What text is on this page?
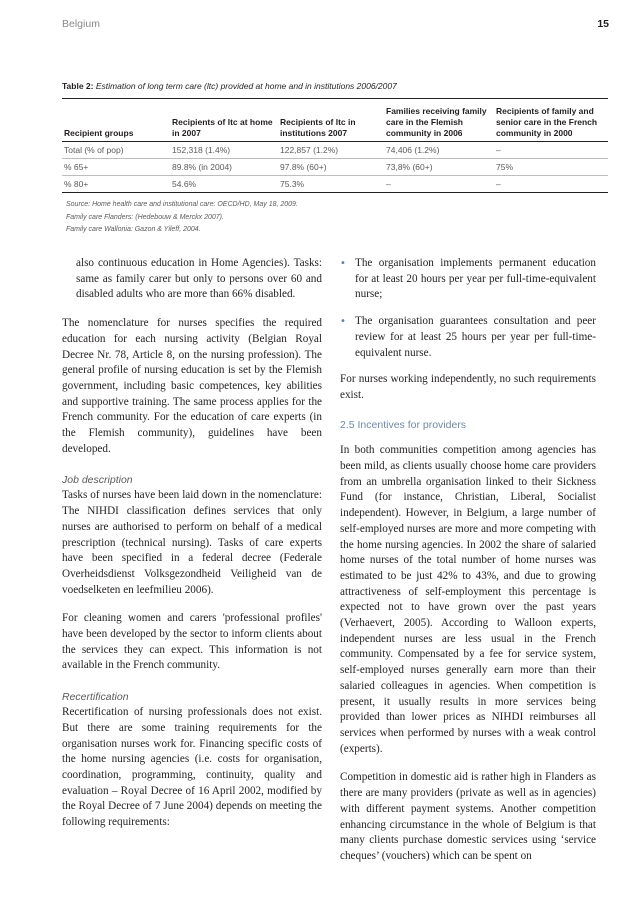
Belgium	15
Table 2: Estimation of long term care (ltc) provided at home and in institutions 2006/2007
Recipient groups	Recipients of ltc at home in 2007	Recipients of ltc in institutions 2007	Families receiving family care in the Flemish community in 2006	Recipients of family and senior care in the French community in 2000
Total (% of pop)	152,318 (1.4%)	122,857 (1.2%)	74,406 (1.2%)	–
% 65+	89.8% (in 2004)	97.8% (60+)	73,8% (60+)	75%
% 80+	54.6%	75.3%	–	–
Source: Home health care and institutional care: OECD/HD, May 18, 2009.
Family care Flanders: (Hedebouw & Merckx 2007).
Family care Wallonia: Gazon & Yileff, 2004.

also continuous education in Home Agencies). Tasks: same as family carer but only to persons over 60 and disabled adults who are more than 66% disabled.

The nomenclature for nurses specifies the required education for each nursing activity (Belgian Royal Decree Nr. 78, Article 8, on the nursing profession). The general profile of nursing education is set by the Flemish government, including basic competences, key abilities and supportive training. The same process applies for the French community. For the education of care experts (in the Flemish community), guidelines have been developed.

Job description

Tasks of nurses have been laid down in the nomenclature: The NIHDI classification defines services that only nurses are authorised to perform on behalf of a medical prescription (technical nursing). Tasks of care experts have been specified in a federal decree (Federale Overheidsdienst Volksgezondheid Veiligheid van de voedselketen en leefmilieu 2006).

For cleaning women and carers 'professional profiles' have been developed by the sector to inform clients about the services they can expect. This information is not available in the French community.

Recertification

Recertification of nursing professionals does not exist. But there are some training requirements for the organisation nurses work for. Financing specific costs of the home nursing agencies (i.e. costs for organisation, coordination, programming, continuity, quality and evaluation – Royal Decree of 16 April 2002, modified by the Royal Decree of 7 June 2004) depends on meeting the following requirements:

• The organisation implements permanent education for at least 20 hours per year per full-time-equivalent nurse;
• The organisation guarantees consultation and peer review for at least 25 hours per year per full-time-equivalent nurse.

For nurses working independently, no such requirements exist.

2.5 Incentives for providers

In both communities competition among agencies has been mild, as clients usually choose home care providers from an umbrella organisation linked to their Sickness Fund (for instance, Christian, Liberal, Socialist independent). However, in Belgium, a large number of self-employed nurses are more and more competing with the home nursing agencies. In 2002 the share of salaried home nurses of the total number of home nurses was estimated to be just 42% to 43%, and due to growing attractiveness of self-employment this percentage is expected not to have grown over the past years (Verhaevert, 2005). According to Walloon experts, independent nurses are less usual in the French community. Compensated by a fee for service system, self-employed nurses generally earn more than their salaried colleagues in agencies. When competition is present, it usually results in more services being provided than lower prices as NIHDI reimburses all services when performed by nurses with a weak control (experts).

Competition in domestic aid is rather high in Flanders as there are many providers (private as well as in agencies) with different payment systems. Another competition enhancing circumstance in the whole of Belgium is that many clients purchase domestic services using ‘service cheques’ (vouchers) which can be spent on
